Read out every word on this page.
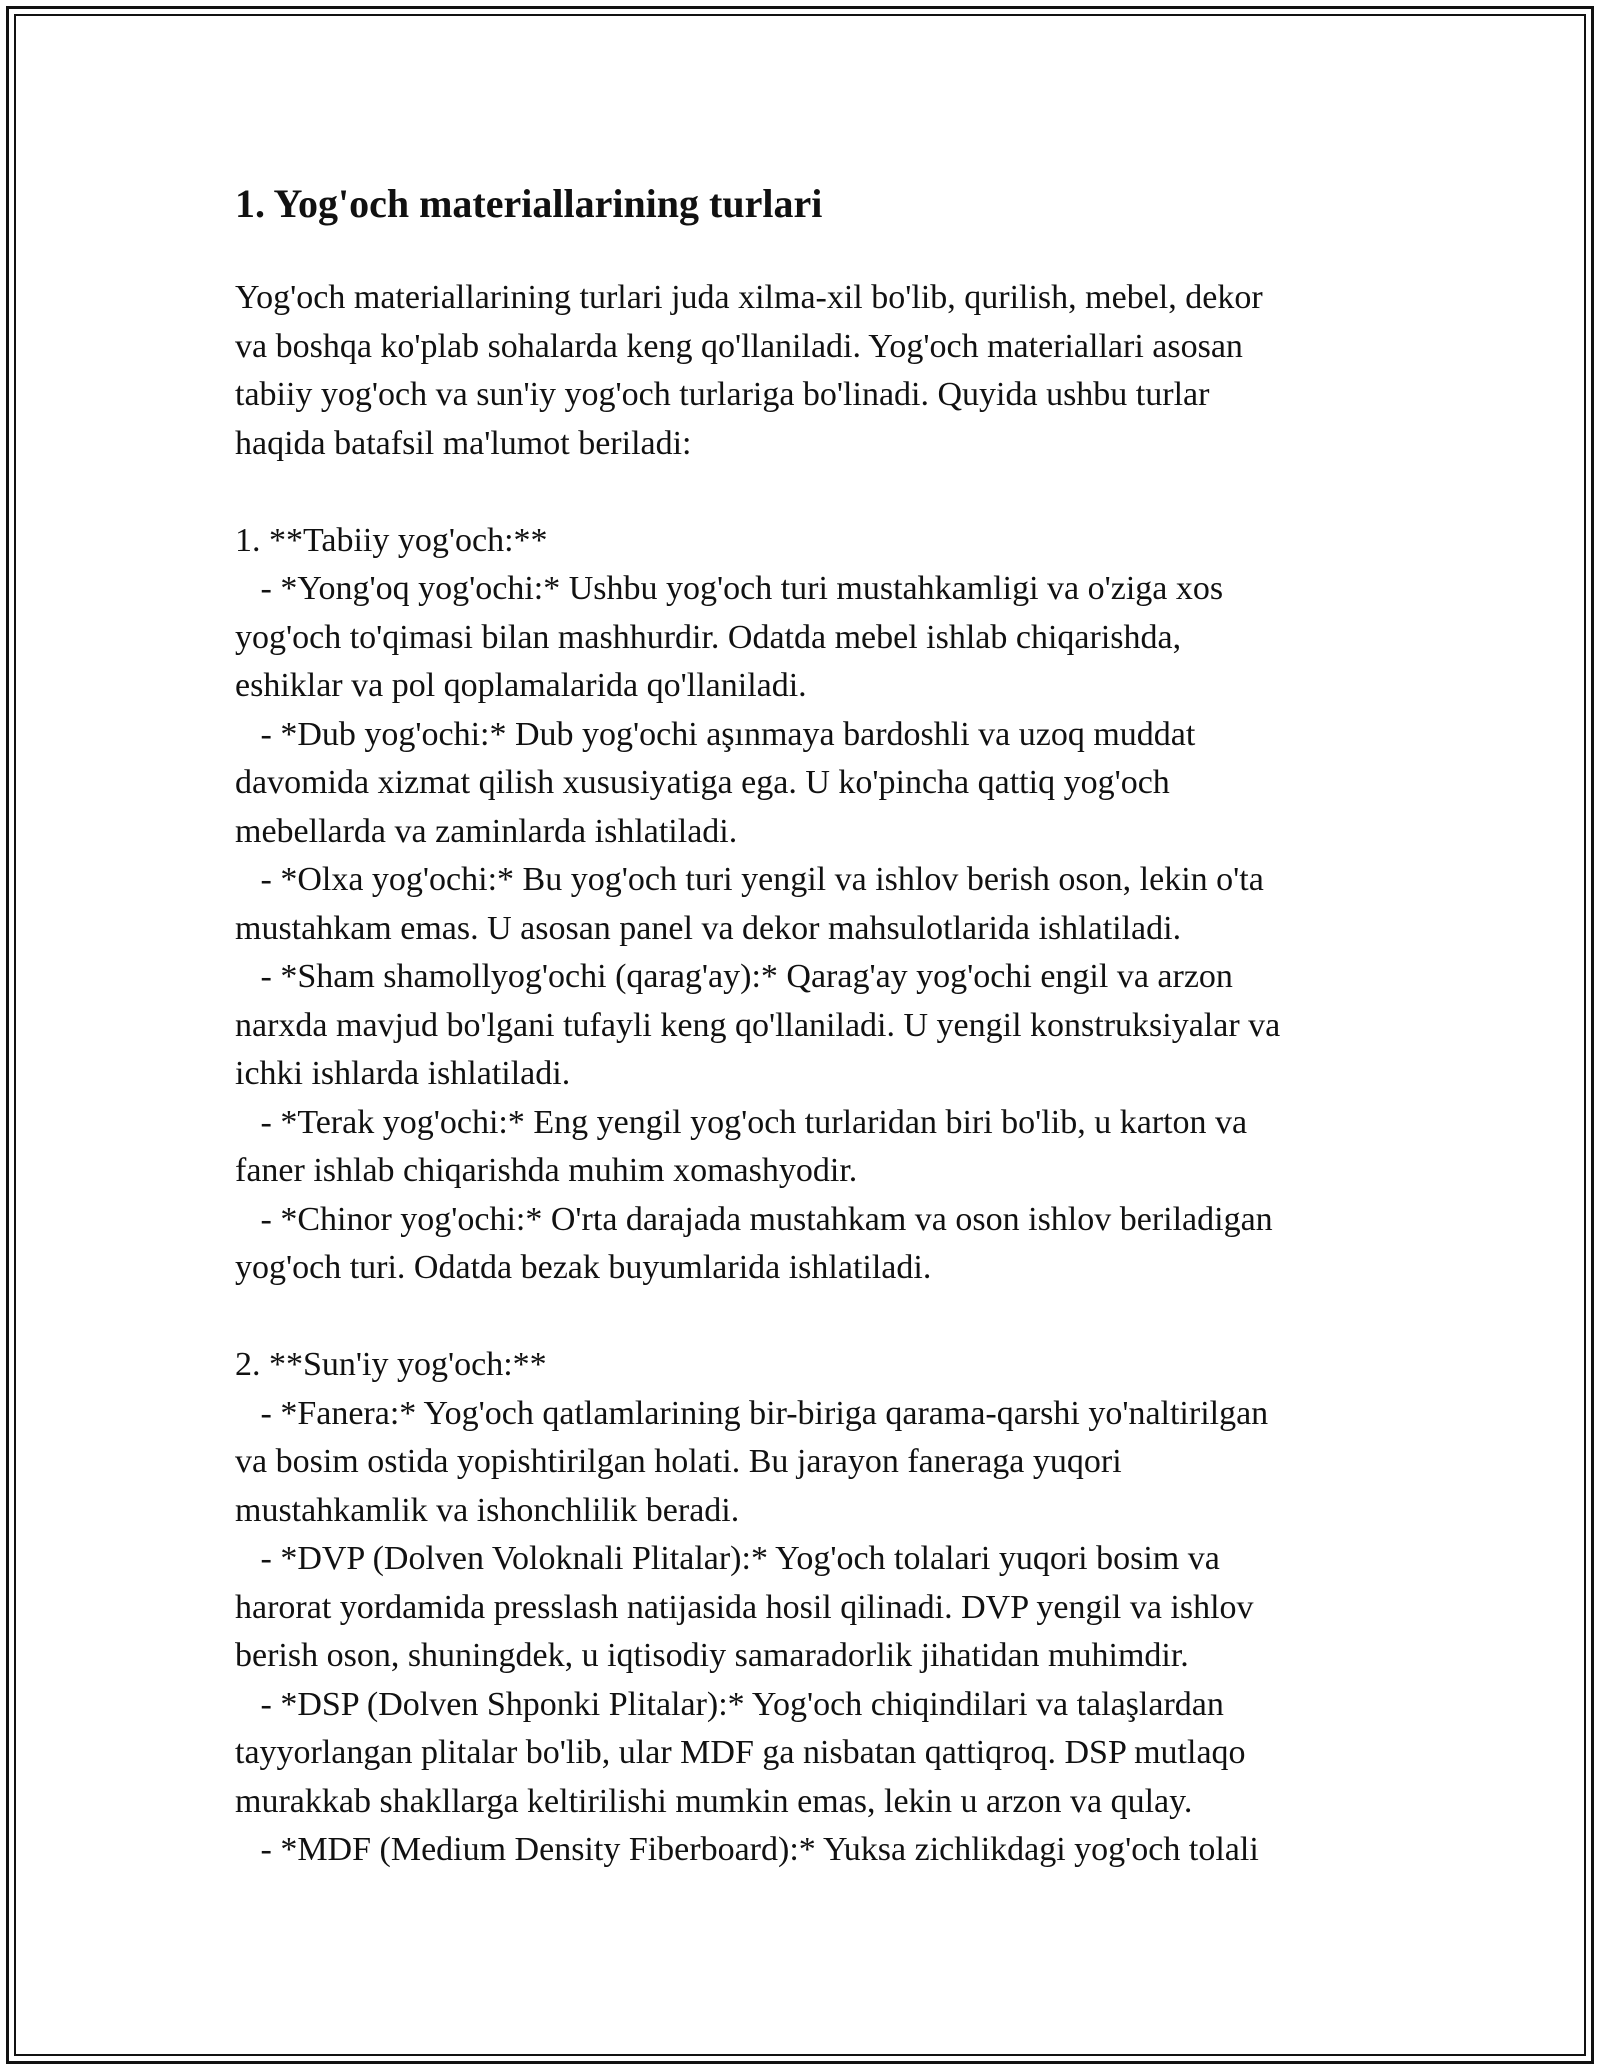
1. Yog'och materiallarining turlari
Yog'och materiallarining turlari juda xilma-xil bo'lib, qurilish, mebel, dekor
va boshqa ko'plab sohalarda keng qo'llaniladi. Yog'och materiallari asosan
tabiiy yog'och va sun'iy yog'och turlariga bo'linadi. Quyida ushbu turlar
haqida batafsil ma'lumot beriladi:
1. **Tabiiy yog'och:**
- *Yong'oq yog'ochi:* Ushbu yog'och turi mustahkamligi va o'ziga xos
yog'och to'qimasi bilan mashhurdir. Odatda mebel ishlab chiqarishda,
eshiklar va pol qoplamalarida qo'llaniladi.
- *Dub yog'ochi:* Dub yog'ochi aşınmaya bardoshli va uzoq muddat
davomida xizmat qilish xususiyatiga ega. U ko'pincha qattiq yog'och
mebellarda va zaminlarda ishlatiladi.
- *Olxa yog'ochi:* Bu yog'och turi yengil va ishlov berish oson, lekin o'ta
mustahkam emas. U asosan panel va dekor mahsulotlarida ishlatiladi.
- *Sham shamollyog'ochi (qarag'ay):* Qarag'ay yog'ochi engil va arzon
narxda mavjud bo'lgani tufayli keng qo'llaniladi. U yengil konstruksiyalar va
ichki ishlarda ishlatiladi.
- *Terak yog'ochi:* Eng yengil yog'och turlaridan biri bo'lib, u karton va
faner ishlab chiqarishda muhim xomashyodir.
- *Chinor yog'ochi:* O'rta darajada mustahkam va oson ishlov beriladigan
yog'och turi. Odatda bezak buyumlarida ishlatiladi.
2. **Sun'iy yog'och:**
- *Fanera:* Yog'och qatlamlarining bir-biriga qarama-qarshi yo'naltirilgan
va bosim ostida yopishtirilgan holati. Bu jarayon faneraga yuqori
mustahkamlik va ishonchlilik beradi.
- *DVP (Dolven Voloknali Plitalar):* Yog'och tolalari yuqori bosim va
harorat yordamida presslash natijasida hosil qilinadi. DVP yengil va ishlov
berish oson, shuningdek, u iqtisodiy samaradorlik jihatidan muhimdir.
- *DSP (Dolven Shponki Plitalar):* Yog'och chiqindilari va talaşlardan
tayyorlangan plitalar bo'lib, ular MDF ga nisbatan qattiqroq. DSP mutlaqo
murakkab shakllarga keltirilishi mumkin emas, lekin u arzon va qulay.
- *MDF (Medium Density Fiberboard):* Yuksa zichlikdagi yog'och tolali
